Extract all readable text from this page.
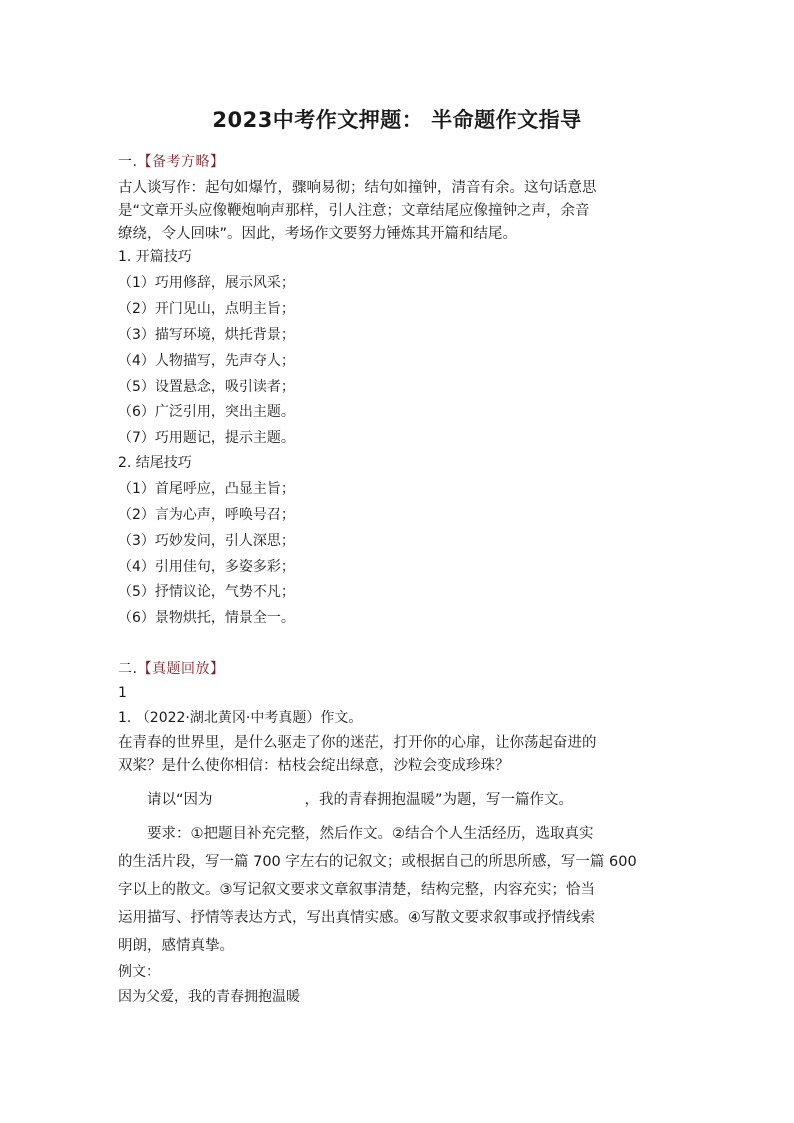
2023中考作文押题： 半命题作文指导

一.【备考方略】

古人谈写作：起句如爆竹，骤响易彻；结句如撞钟，清音有余。这句话意思

是“文章开头应像鞭炮响声那样，引人注意；文章结尾应像撞钟之声，余音

缭绕，令人回味”。因此，考场作文要努力锤炼其开篇和结尾。

1. 开篇技巧

（1）巧用修辞，展示风采；

（2）开门见山，点明主旨；

（3）描写环境，烘托背景；

（4）人物描写，先声夺人；

（5）设置悬念，吸引读者；

（6）广泛引用，突出主题。

（7）巧用题记，提示主题。

2. 结尾技巧

（1）首尾呼应，凸显主旨；

（2）言为心声，呼唤号召；

（3）巧妙发问，引人深思；

（4）引用佳句，多姿多彩；

（5）抒情议论，气势不凡；

（6）景物烘托，情景全一。

二.【真题回放】

1

1. （2022·湖北黄冈·中考真题）作文。

在青春的世界里，是什么驱走了你的迷茫，打开你的心扉，让你荡起奋进的

双桨？是什么使你相信：枯枝会绽出绿意，沙粒会变成珍珠？

请以“因为	，我的青春拥抱温暖”为题，写一篇作文。

要求：①把题目补充完整，然后作文。②结合个人生活经历，选取真实

的生活片段，写一篇 700 字左右的记叙文；或根据自己的所思所感，写一篇 600

字以上的散文。③写记叙文要求文章叙事清楚，结构完整，内容充实；恰当

运用描写、抒情等表达方式，写出真情实感。④写散文要求叙事或抒情线索

明朗，感情真挚。

例文：

因为父爱，我的青春拥抱温暖
